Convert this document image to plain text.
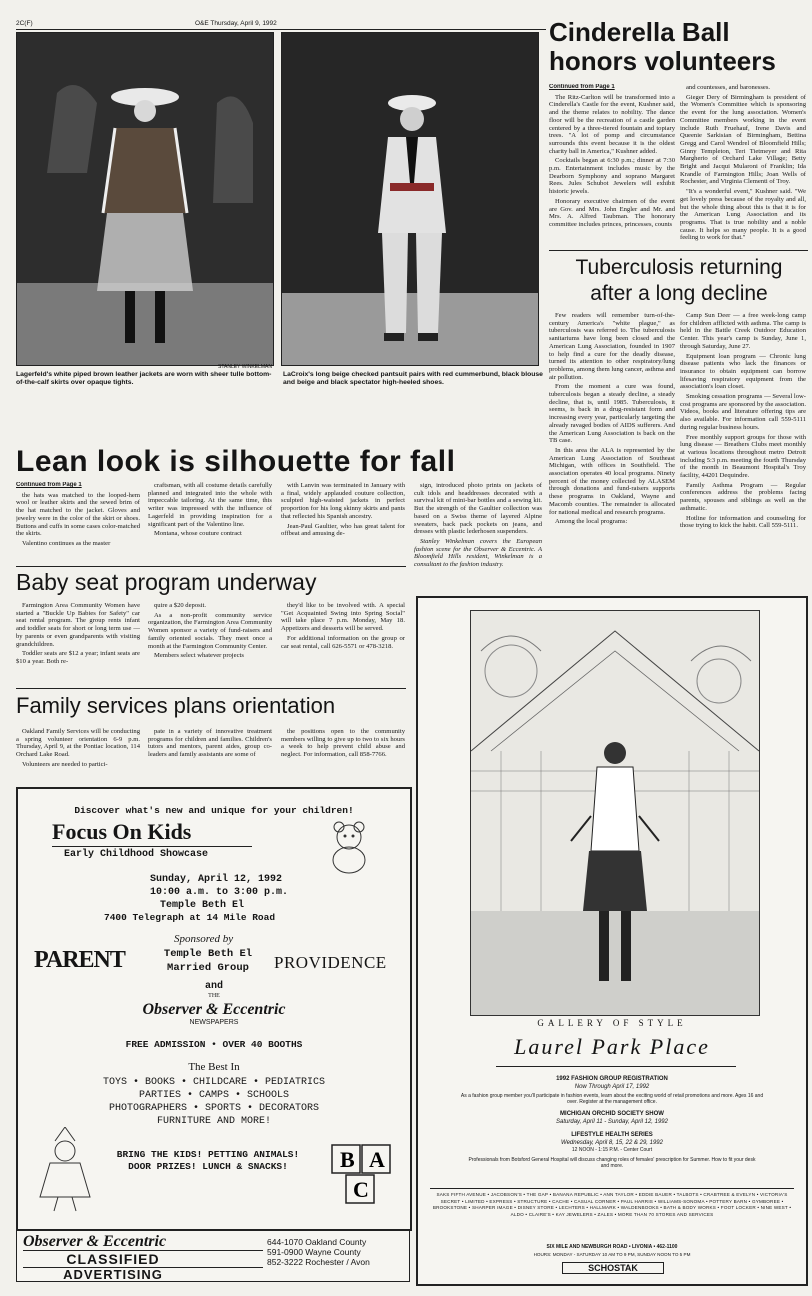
2C(F)	O&E Thursday, April 9, 1992
STANLEY WINKELMAN
Lagerfeld's white piped brown leather jackets are worn with sheer tulle bottom-of-the-calf skirts over opaque tights.
LaCroix's long beige checked pantsuit pairs with red cummerbund, black blouse and beige and black spectator high-heeled shoes.
Cinderella Ball
honors volunteers
Continued from Page 1

The Ritz-Carlton will be transformed into a Cinderella's Castle for the event, Kushner said, and the theme relates to nobility. The dance floor will be the recreation of a castle garden centered by a three-tiered fountain and topiary trees. "A lot of pomp and circumstance surrounds this event because it is the oldest charity ball in America," Kushner added.

Cocktails began at 6:30 p.m.; dinner at 7:30 p.m. Entertainment includes music by the Dearborn Symphony and soprano Margaret Rees. Jules Schubot Jewelers will exhibit historic jewels.

Honorary executive chairmen of the event are Gov. and Mrs. John Engler and Mr. and Mrs. A. Alfred Taubman. The honorary committee includes princes, princesses, counts

and countesses, and baronesses.

Gieger Dery of Birmingham is president of the Women's Committee which is sponsoring the event for the lung association. Women's Committee members working in the event include Ruth Fruehauf, Irene Davis and Queenie Sarkisian of Birmingham, Bettina Gregg and Carol Wendrel of Bloomfield Hills; Ginny Templeton, Teri Tietmeyer and Rita Margherio of Orchard Lake Village; Betty Bright and Jacqui Mularoni of Franklin; Ida Krandle of Farmington Hills; Joan Wells of Rochester, and Virginia Clementi of Troy.

"It's a wonderful event," Kushner said. "We get lovely press because of the royalty and all, but the whole thing about this is that it is for the American Lung Association and its programs. That is true nobility and a noble cause. It helps so many people. It is a good feeling to work for that."

Tuberculosis returning
after a long decline

Few readers will remember turn-of-the-century America's "white plague," as tuberculosis was referred to. The tuberculosis sanitariums have long been closed and the American Lung Association, founded in 1907 to help find a cure for the deadly disease, turned its attention to other respiratory/lung problems, among them lung cancer, asthma and air pollution.

From the moment a cure was found, tuberculosis began a steady decline, a steady decline, that is, until 1985. Tuberculosis, it seems, is back in a drug-resistant form and increasing every year, particularly targeting the already ravaged bodies of AIDS sufferers. And the American Lung Association is back on the TB case.

In this area the ALA is represented by the American Lung Association of Southeast Michigan, with offices in Southfield. The association operates 40 local programs. Ninety percent of the money collected by ALASEM through donations and fund-raisers supports these programs in Oakland, Wayne and Macomb counties. The remainder is allocated for national medical and research programs.

Among the local programs:

Camp Sun Deer — a free week-long camp for children afflicted with asthma. The camp is held in the Battle Creek Outdoor Education Center. This year's camp is Sunday, June 1, through Saturday, June 27.

Equipment loan program — Chronic lung disease patients who lack the finances or insurance to obtain equipment can borrow lifesaving respiratory equipment from the association's loan closet.

Smoking cessation programs — Several low-cost programs are sponsored by the association. Videos, books and literature offering tips are also available. For information call 559-5111 during regular business hours.

Free monthly support groups for those with lung disease — Breathers Clubs meet monthly at various locations throughout metro Detroit including 5:3 p.m. meeting the fourth Thursday of the month in Beaumont Hospital's Troy facility, 44201 Dequindre.

Family Asthma Program — Regular conferences address the problems facing parents, spouses and siblings as well as the asthmatic.

Hotline for information and counseling for those trying to kick the habit. Call 559-5111.

Lean look is silhouette for fall
Continued from Page 1

the hats was matched to the looped-hem wool or leather skirts and the sewed brim of the hat matched to the jacket. Gloves and jewelry were in the color of the skirt or shoes. Buttons and cuffs in some cases color-matched the skirts.

Valentino continues as the master

craftsman, with all costume details carefully planned and integrated into the whole with impeccable tailoring. At the same time, this writer was impressed with the influence of Lagerfeld in providing inspiration for a significant part of the Valentino line.

Montana, whose couture contract

with Lanvin was terminated in January with a final, widely applauded couture collection, sculpted high-waisted jackets in perfect proportion for his long skinny skirts and pants that reflected his Spanish ancestry.

Jean-Paul Gaultier, who has great talent for offbeat and amusing de-

sign, introduced photo prints on jackets of cult idols and headdresses decorated with a survival kit of mini-bar bottles and a sewing kit. But the strength of the Gaultier collection was based on a Swiss theme of layered Alpine sweaters, back pack pockets on jeans, and dresses with plastic lederhosen suspenders.

Stanley Winkelman covers the European fashion scene for the Observer & Eccentric. A Bloomfield Hills resident, Winkelman is a consultant to the fashion industry.

Baby seat program underway

Farmington Area Community Women have started a "Buckle Up Babies for Safety" car seat rental program. The group rents infant and toddler seats for short or long term use — by parents or even grandparents with visiting grandchildren.

Toddler seats are $12 a year; infant seats are $10 a year. Both re-

quire a $20 deposit.

As a non-profit community service organization, the Farmington Area Community Women sponsor a variety of fund-raisers and family oriented socials. They meet once a month at the Farmington Community Center.

Members select whatever projects

they'd like to be involved with. A special "Get Acquainted Swing into Spring Social" will take place 7 p.m. Monday, May 18. Appetizers and desserts will be served.

For additional information on the group or car seat rental, call 626-5571 or 478-3218.

Family services plans orientation

Oakland Family Services will be conducting a spring volunteer orientation 6-9 p.m. Thursday, April 9, at the Pontiac location, 114 Orchard Lake Road.

Volunteers are needed to partici-

pate in a variety of innovative treatment programs for children and families. Children's tutors and mentors, parent aides, group co-leaders and family assistants are some of

the positions open to the community members willing to give up to two to six hours a week to help prevent child abuse and neglect. For information, call 858-7766.

Discover what's new and unique for your children!
Focus On Kids
Early Childhood Showcase
Sunday, April 12, 1992
10:00 a.m. to 3:00 p.m.
Temple Beth El
7400 Telegraph at 14 Mile Road
Sponsored by
PARENT	Temple Beth El Married Group	PROVIDENCE
and
THE
Observer & Eccentric
NEWSPAPERS
FREE ADMISSION • OVER 40 BOOTHS
The Best In
TOYS • BOOKS • CHILDCARE • PEDIATRICS
PARTIES • CAMPS • SCHOOLS
PHOTOGRAPHERS • SPORTS • DECORATORS
FURNITURE AND MORE!
BRING THE KIDS! PETTING ANIMALS!
DOOR PRIZES! LUNCH & SNACKS!	B A
C
Observer & Eccentric
CLASSIFIED
ADVERTISING
644-1070 Oakland County
591-0900 Wayne County
852-3222 Rochester / Avon
GALLERY OF STYLE
Laurel Park Place
1992 FASHION GROUP REGISTRATION
Now Through April 17, 1992
As a fashion group member you'll participate in fashion events, learn about the exciting world of retail promotions and more. Ages 16 and over. Register at the management office.
MICHIGAN ORCHID SOCIETY SHOW
Saturday, April 11 - Sunday, April 12, 1992
LIFESTYLE HEALTH SERIES
Wednesday, April 8, 15, 22 & 29, 1992
12 NOON - 1:15 P.M. - Center Court
Professionals from Botsford General Hospital will discuss changing roles of females' prescription for Summer. How to fit your desk and more.
SAKS FIFTH AVENUE • JACOBSON'S • THE GAP • BANANA REPUBLIC • ANN TAYLOR • EDDIE BAUER • TALBOTS • CRABTREE & EVELYN • VICTORIA'S SECRET • LIMITED • EXPRESS • STRUCTURE • CACHE • CASUAL CORNER • PAUL HARRIS • WILLIAMS-SONOMA • POTTERY BARN • GYMBOREE • BROOKSTONE • SHARPER IMAGE • DISNEY STORE • LECHTERS • HALLMARK • WALDENBOOKS • BATH & BODY WORKS • FOOT LOCKER • NINE WEST • ALDO • CLAIRE'S • KAY JEWELERS • ZALES • MORE THAN 70 STORES AND SERVICES
SIX MILE AND NEWBURGH ROAD • LIVONIA • 462-1100
HOURS: MONDAY - SATURDAY 10 AM TO 9 PM, SUNDAY NOON TO 5 PM
SCHOSTAK
